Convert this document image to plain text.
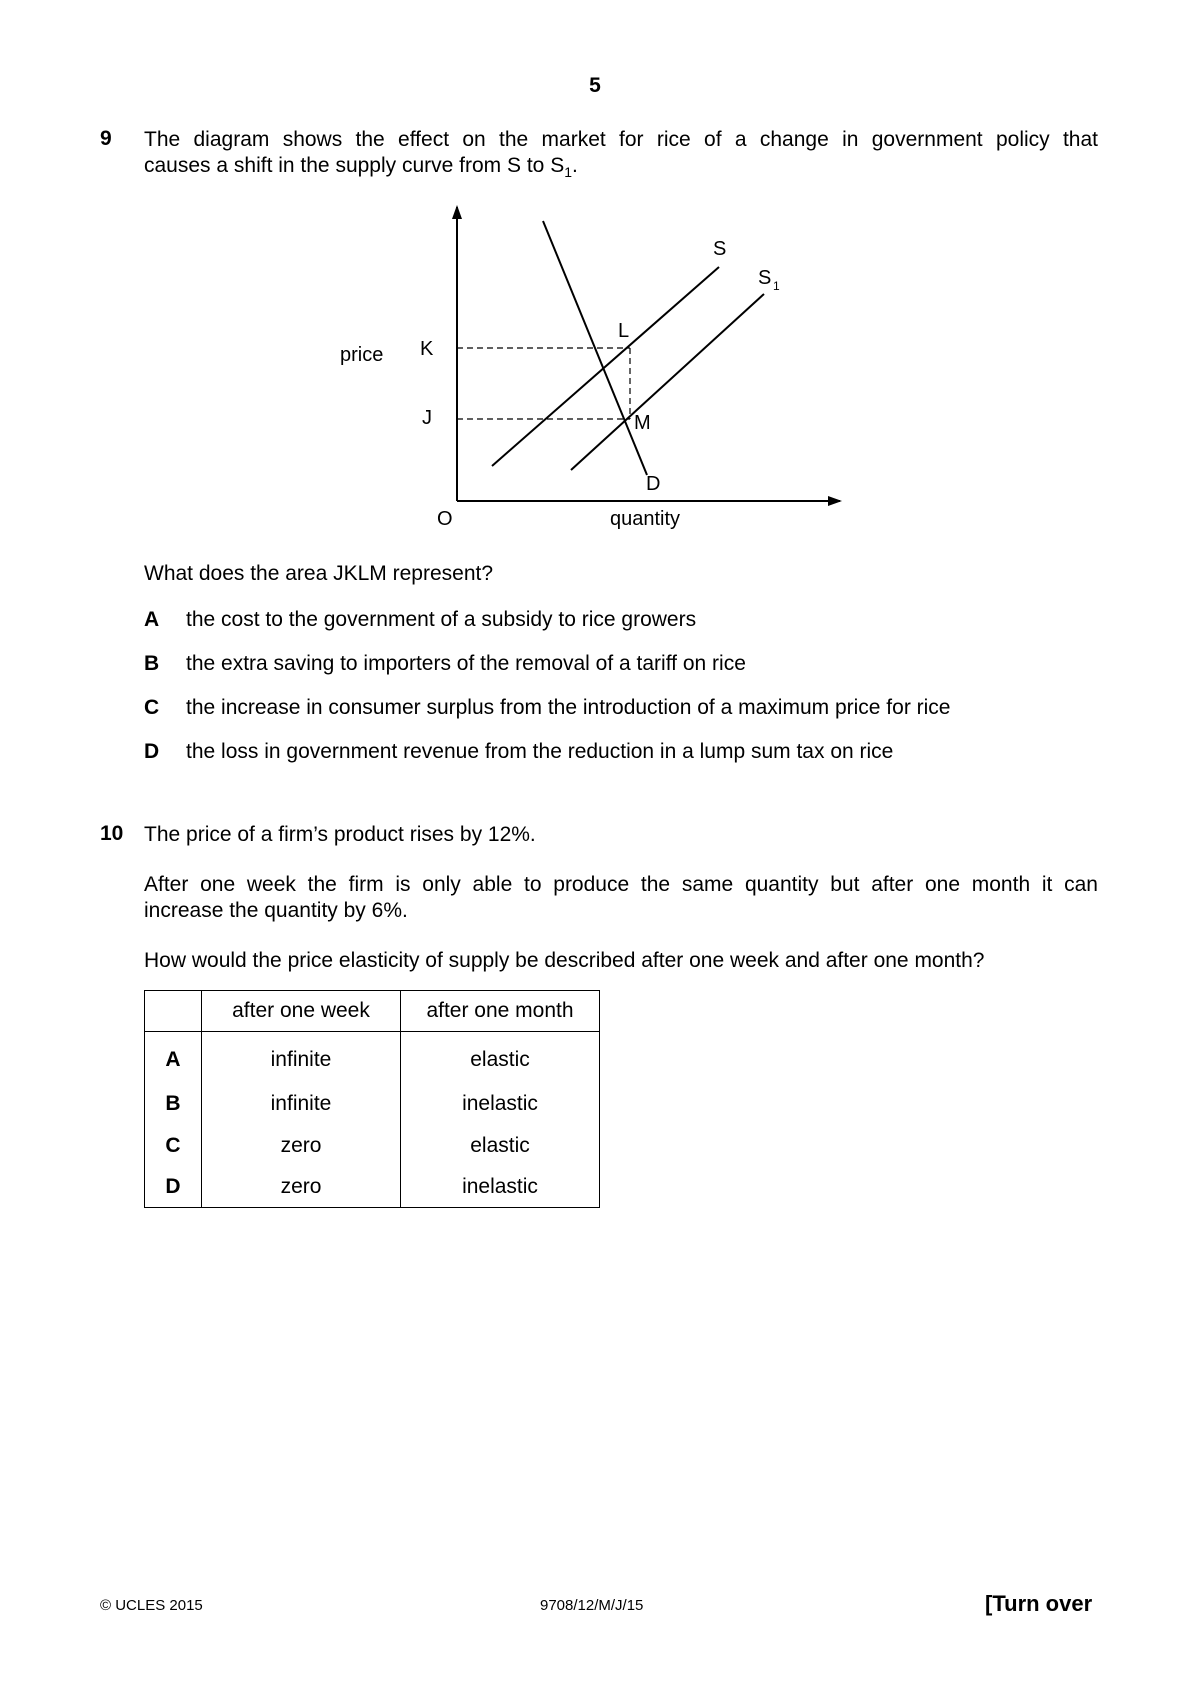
5
9 The diagram shows the effect on the market for rice of a change in government policy that
causes a shift in the supply curve from S to $S_1$.
price
quantity
O
K
J
L
M
S
S 1
D
What does the area JKLM represent?
A the cost to the government of a subsidy to rice growers
B the extra saving to importers of the removal of a tariff on rice
C the increase in consumer surplus from the introduction of a maximum price for rice
D the loss in government revenue from the reduction in a lump sum tax on rice
10 The price of a firm’s product rises by 12%.
After one week the firm is only able to produce the same quantity but after one month it can
increase the quantity by 6%.
How would the price elasticity of supply be described after one week and after one month?
	after one week	after one month
A	infinite	elastic
B	infinite	inelastic
C	zero	elastic
D	zero	inelastic
© UCLES 2015	9708/12/M/J/15	[Turn over
